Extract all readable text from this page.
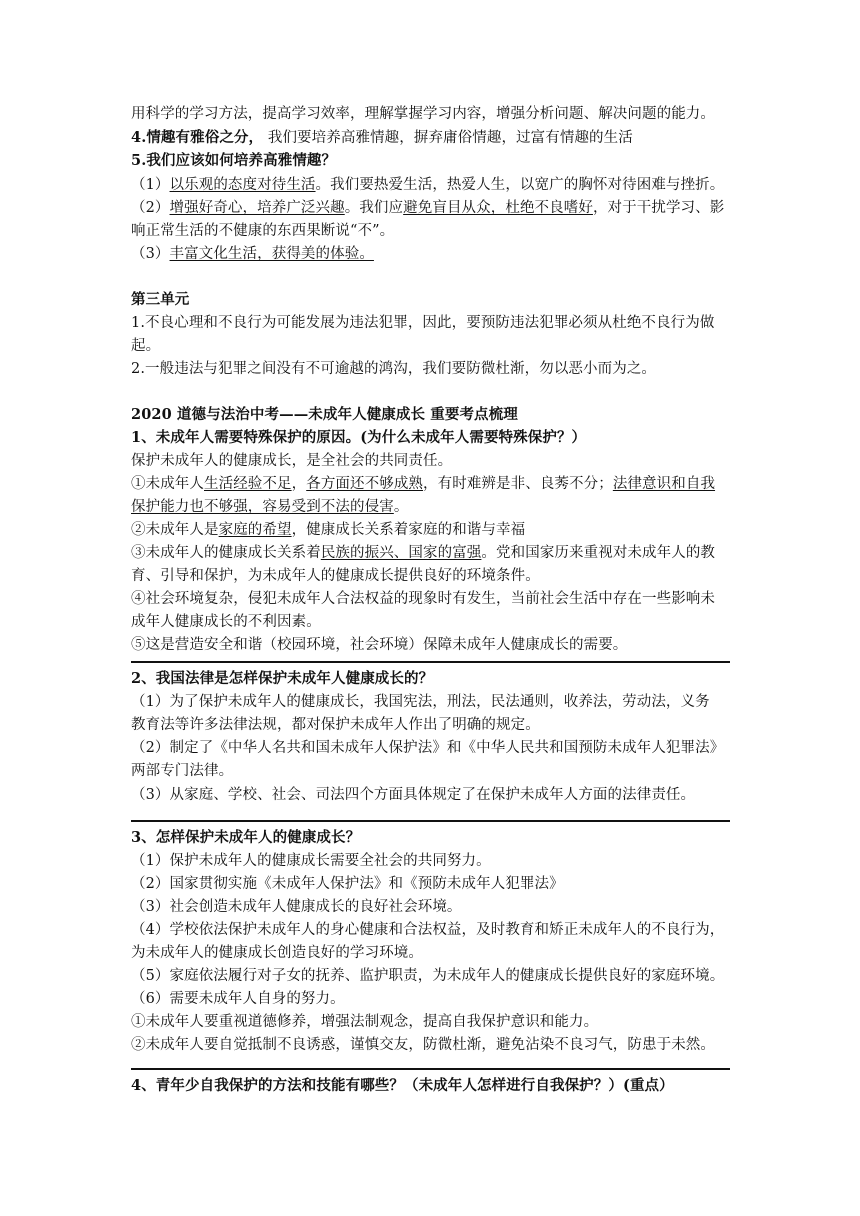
用科学的学习方法，提高学习效率，理解掌握学习内容，增强分析问题、解决问题的能力。
4.情趣有雅俗之分， 我们要培养高雅情趣，摒弃庸俗情趣，过富有情趣的生活
5.我们应该如何培养高雅情趣？
（1）以乐观的态度对待生活。我们要热爱生活，热爱人生，以宽广的胸怀对待困难与挫折。
（2）增强好奇心，培养广泛兴趣。我们应避免盲目从众，杜绝不良嗜好，对于干扰学习、影
响正常生活的不健康的东西果断说“不”。
（3）丰富文化生活，获得美的体验。
第三单元
1.不良心理和不良行为可能发展为违法犯罪，因此，要预防违法犯罪必须从杜绝不良行为做
起。
2.一般违法与犯罪之间没有不可逾越的鸿沟，我们要防微杜渐，勿以恶小而为之。
2020 道德与法治中考——未成年人健康成长 重要考点梳理
1、未成年人需要特殊保护的原因。(为什么未成年人需要特殊保护？）
保护未成年人的健康成长，是全社会的共同责任。
①未成年人生活经验不足，各方面还不够成熟，有时难辨是非、良莠不分；法律意识和自我
保护能力也不够强，容易受到不法的侵害。
②未成年人是家庭的希望，健康成长关系着家庭的和谐与幸福
③未成年人的健康成长关系着民族的振兴、国家的富强。党和国家历来重视对未成年人的教
育、引导和保护，为未成年人的健康成长提供良好的环境条件。
④社会环境复杂，侵犯未成年人合法权益的现象时有发生，当前社会生活中存在一些影响未
成年人健康成长的不利因素。
⑤这是营造安全和谐（校园环境，社会环境）保障未成年人健康成长的需要。
2、我国法律是怎样保护未成年人健康成长的？
（1）为了保护未成年人的健康成长，我国宪法，刑法，民法通则，收养法，劳动法，义务
教育法等许多法律法规，都对保护未成年人作出了明确的规定。
（2）制定了《中华人名共和国未成年人保护法》和《中华人民共和国预防未成年人犯罪法》
两部专门法律。
（3）从家庭、学校、社会、司法四个方面具体规定了在保护未成年人方面的法律责任。
3、怎样保护未成年人的健康成长？
（1）保护未成年人的健康成长需要全社会的共同努力。
（2）国家贯彻实施《未成年人保护法》和《预防未成年人犯罪法》
（3）社会创造未成年人健康成长的良好社会环境。
（4）学校依法保护未成年人的身心健康和合法权益，及时教育和矫正未成年人的不良行为，
为未成年人的健康成长创造良好的学习环境。
（5）家庭依法履行对子女的抚养、监护职责，为未成年人的健康成长提供良好的家庭环境。
（6）需要未成年人自身的努力。
①未成年人要重视道德修养，增强法制观念，提高自我保护意识和能力。
②未成年人要自觉抵制不良诱惑，谨慎交友，防微杜渐，避免沾染不良习气，防患于未然。
4、青年少自我保护的方法和技能有哪些？（未成年人怎样进行自我保护？）(重点）
